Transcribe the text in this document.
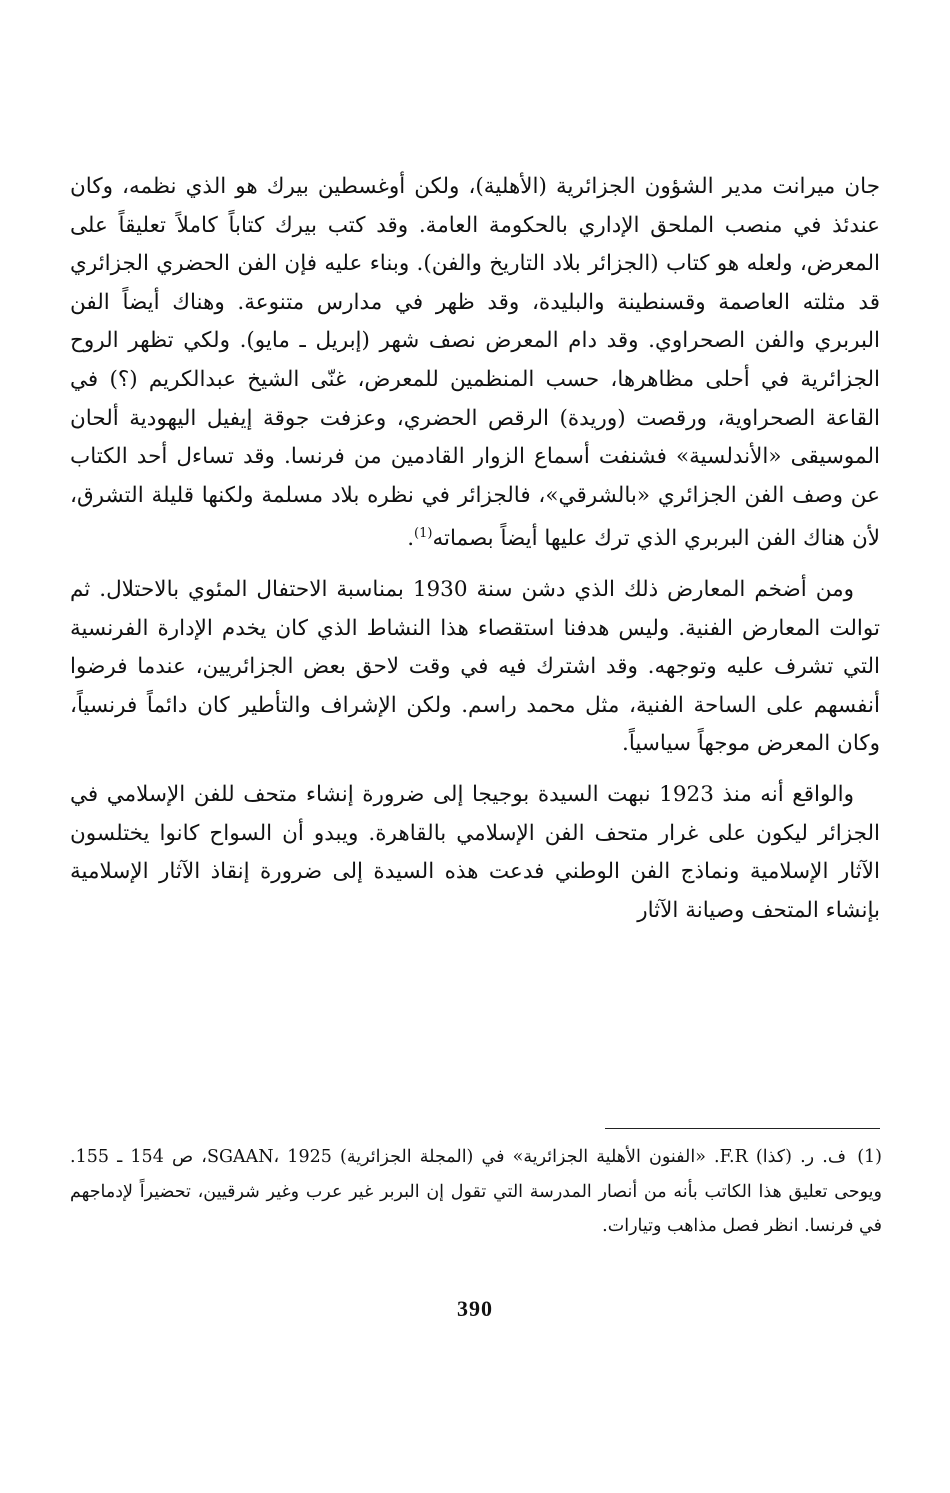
جان ميرانت مدير الشؤون الجزائرية (الأهلية)، ولكن أوغسطين بيرك هو الذي نظمه، وكان عندئذ في منصب الملحق الإداري بالحكومة العامة. وقد كتب بيرك كتاباً كاملاً تعليقاً على المعرض، ولعله هو كتاب (الجزائر بلاد التاريخ والفن). وبناء عليه فإن الفن الحضري الجزائري قد مثلته العاصمة وقسنطينة والبليدة، وقد ظهر في مدارس متنوعة. وهناك أيضاً الفن البربري والفن الصحراوي. وقد دام المعرض نصف شهر (إبريل ـ مايو). ولكي تظهر الروح الجزائرية في أحلى مظاهرها، حسب المنظمين للمعرض، غنّى الشيخ عبدالكريم (؟) في القاعة الصحراوية، ورقصت (وريدة) الرقص الحضري، وعزفت جوقة إيفيل اليهودية ألحان الموسيقى «الأندلسية» فشنفت أسماع الزوار القادمين من فرنسا. وقد تساءل أحد الكتاب عن وصف الفن الجزائري «بالشرقي»، فالجزائر في نظره بلاد مسلمة ولكنها قليلة التشرق، لأن هناك الفن البربري الذي ترك عليها أيضاً بصماته$^{(1)}$.

ومن أضخم المعارض ذلك الذي دشن سنة 1930 بمناسبة الاحتفال المئوي بالاحتلال. ثم توالت المعارض الفنية. وليس هدفنا استقصاء هذا النشاط الذي كان يخدم الإدارة الفرنسية التي تشرف عليه وتوجهه. وقد اشترك فيه في وقت لاحق بعض الجزائريين، عندما فرضوا أنفسهم على الساحة الفنية، مثل محمد راسم. ولكن الإشراف والتأطير كان دائماً فرنسياً، وكان المعرض موجهاً سياسياً.

والواقع أنه منذ 1923 نبهت السيدة بوجيجا إلى ضرورة إنشاء متحف للفن الإسلامي في الجزائر ليكون على غرار متحف الفن الإسلامي بالقاهرة. ويبدو أن السواح كانوا يختلسون الآثار الإسلامية ونماذج الفن الوطني فدعت هذه السيدة إلى ضرورة إنقاذ الآثار الإسلامية بإنشاء المتحف وصيانة الآثار

(1)ف. ر. (كذا) F.R. «الفنون الأهلية الجزائرية» في (المجلة الجزائرية) SGAAN، 1925، ص 154 ـ 155. ويوحى تعليق هذا الكاتب بأنه من أنصار المدرسة التي تقول إن البربر غير عرب وغير شرقيين، تحضيراً لإدماجهم في فرنسا. انظر فصل مذاهب وتيارات.

390
